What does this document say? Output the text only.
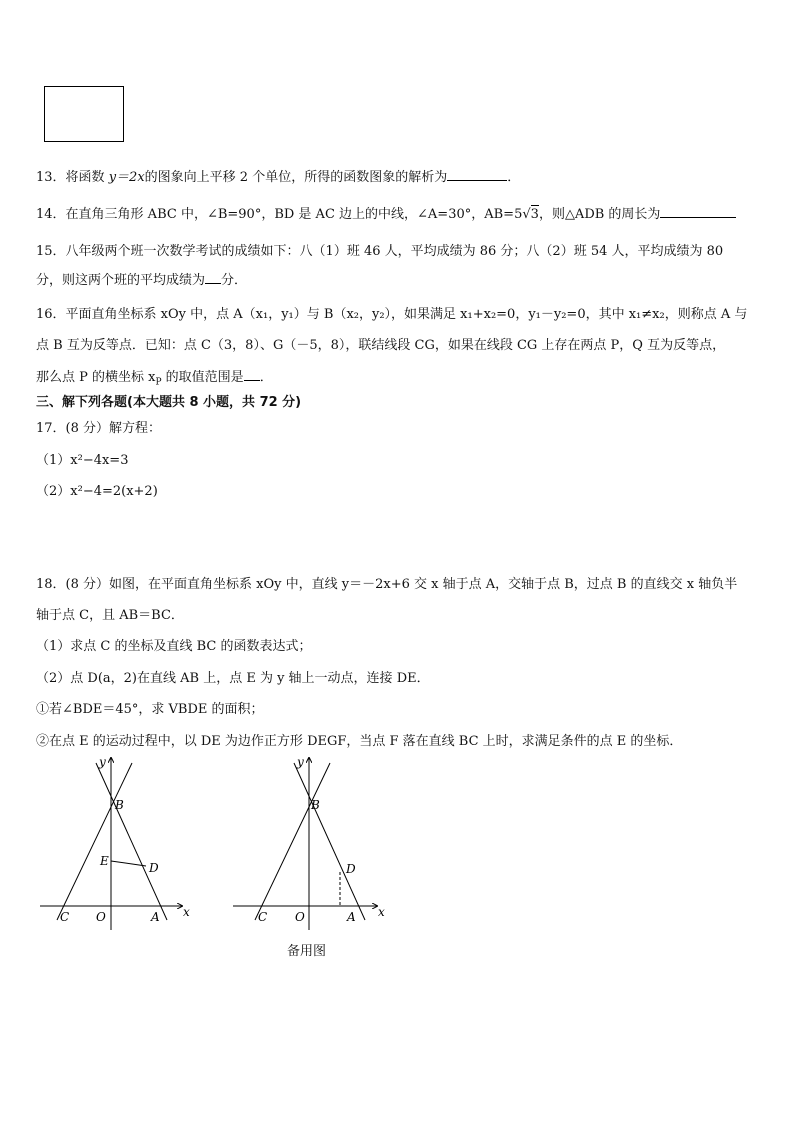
13．将函数 y＝2x的图象向上平移 2 个单位，所得的函数图象的解析为	．
14．在直角三角形 ABC 中，∠B=90°，BD 是 AC 边上的中线，∠A=30°，AB=5√
3，则△ADB 的周长为
15．八年级两个班一次数学考试的成绩如下：八（1）班 46 人，平均成绩为 86 分；八（2）班 54 人，平均成绩为 80
分，则这两个班的平均成绩为 分．
16．平面直角坐标系 xOy 中，点 A（x₁，y₁）与 B（x₂，y₂），如果满足 x₁+x₂=0，y₁－y₂=0，其中 x₁≠x₂，则称点 A 与
点 B 互为反等点．已知：点 C（3，8）、G（－5，8），联结线段 CG，如果在线段 CG 上存在两点 P，Q 互为反等点，
那么点 P 的横坐标 $x_P$ 的取值范围是 ．
三、解下列各题(本大题共 8 小题，共 72 分)
17．(8 分）解方程：
（1）x²−4x=3
（2）x²−4=2(x+2)
18．(8 分）如图，在平面直角坐标系 xOy 中，直线 y＝－2x+6 交 x 轴于点 A，交轴于点 B，过点 B 的直线交 x 轴负半
轴于点 C，且 AB＝BC．
（1）求点 C 的坐标及直线 BC 的函数表达式；
（2）点 D(a，2)在直线 AB 上，点 E 为 y 轴上一动点，连接 DE．
①若∠BDE＝45°，求 VBDE 的面积；
②在点 E 的运动过程中，以 DE 为边作正方形 DEGF，当点 F 落在直线 BC 上时，求满足条件的点 E 的坐标．
y
x
B
E	D
C O	A
y
x
B
D
C O	A
备用图
